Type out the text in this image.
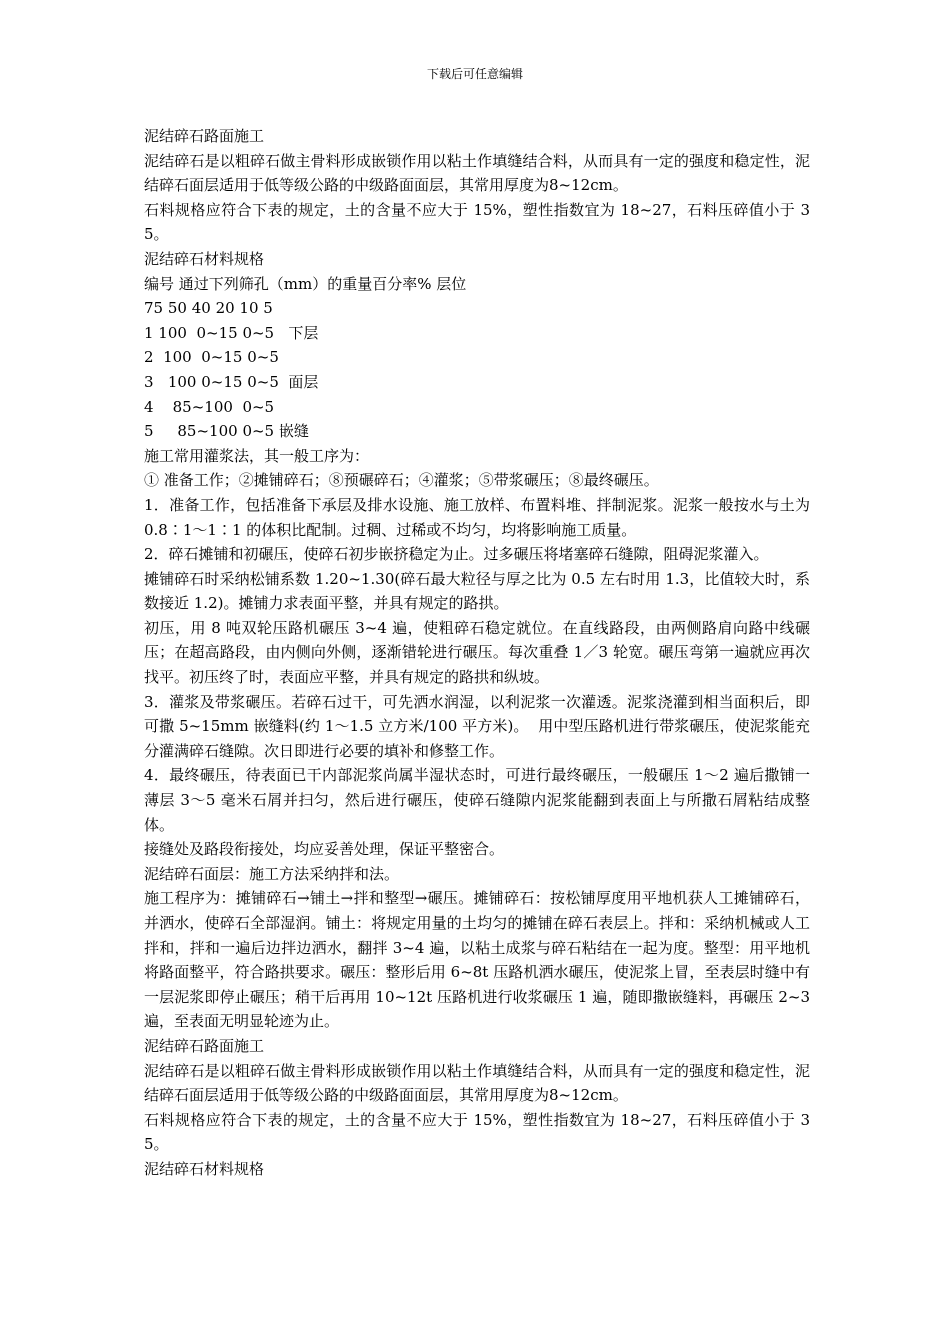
下载后可任意编辑

泥结碎石路面施工

泥结碎石是以粗碎石做主骨料形成嵌锁作用以粘土作填缝结合料，从而具有一定的强度和稳定性，泥结碎石面层适用于低等级公路的中级路面面层，其常用厚度为8~12cm。

石料规格应符合下表的规定，土的含量不应大于 15%，塑性指数宜为 18~27，石料压碎值小于 35。

泥结碎石材料规格

编号 通过下列筛孔（mm）的重量百分率% 层位

75 50 40 20 10 5

1 100  0~15 0~5   下层

2  100  0~15 0~5

3   100 0~15 0~5  面层

4    85~100  0~5

5     85~100 0~5 嵌缝

施工常用灌浆法，其一般工序为：

① 准备工作；②摊铺碎石；⑧预碾碎石；④灌浆；⑤带浆碾压；⑧最终碾压。

1．准备工作，包括准备下承层及排水设施、施工放样、布置料堆、拌制泥浆。泥浆一般按水与土为 0.8∶1～1∶1 的体积比配制。过稠、过稀或不均匀，均将影响施工质量。

2．碎石摊铺和初碾压，使碎石初步嵌挤稳定为止。过多碾压将堵塞碎石缝隙，阻碍泥浆灌入。

摊铺碎石时采纳松铺系数 1.20~1.30(碎石最大粒径与厚之比为 0.5 左右时用 1.3，比值较大时，系数接近 1.2)。摊铺力求表面平整，并具有规定的路拱。

初压，用 8 吨双轮压路机碾压 3~4 遍，使粗碎石稳定就位。在直线路段，由两侧路肩向路中线碾压；在超高路段，由内侧向外侧，逐渐错轮进行碾压。每次重叠 1／3 轮宽。碾压弯第一遍就应再次找平。初压终了时，表面应平整，并具有规定的路拱和纵坡。

3．灌浆及带浆碾压。若碎石过干，可先洒水润湿，以利泥浆一次灌透。泥浆浇灌到相当面积后，即可撒 5~15mm 嵌缝料(约 1～1.5 立方米/100 平方米)。  用中型压路机进行带浆碾压，使泥浆能充分灌满碎石缝隙。次日即进行必要的填补和修整工作。

4．最终碾压，待表面已干内部泥浆尚属半湿状态时，可进行最终碾压，一般碾压 1～2 遍后撒铺一薄层 3～5 毫米石屑并扫匀，然后进行碾压，使碎石缝隙内泥浆能翻到表面上与所撒石屑粘结成整体。

接缝处及路段衔接处，均应妥善处理，保证平整密合。

泥结碎石面层：施工方法采纳拌和法。

施工程序为：摊铺碎石→铺土→拌和整型→碾压。摊铺碎石：按松铺厚度用平地机获人工摊铺碎石，并洒水，使碎石全部湿润。铺土：将规定用量的土均匀的摊铺在碎石表层上。拌和：采纳机械或人工拌和，拌和一遍后边拌边洒水，翻拌 3~4 遍，以粘土成浆与碎石粘结在一起为度。整型：用平地机将路面整平，符合路拱要求。碾压：整形后用 6~8t 压路机洒水碾压，使泥浆上冒，至表层时缝中有一层泥浆即停止碾压；稍干后再用 10~12t 压路机进行收浆碾压 1 遍，随即撒嵌缝料，再碾压 2~3 遍，至表面无明显轮迹为止。

泥结碎石路面施工

泥结碎石是以粗碎石做主骨料形成嵌锁作用以粘土作填缝结合料，从而具有一定的强度和稳定性，泥结碎石面层适用于低等级公路的中级路面面层，其常用厚度为8~12cm。

石料规格应符合下表的规定，土的含量不应大于 15%，塑性指数宜为 18~27，石料压碎值小于 35。

泥结碎石材料规格
